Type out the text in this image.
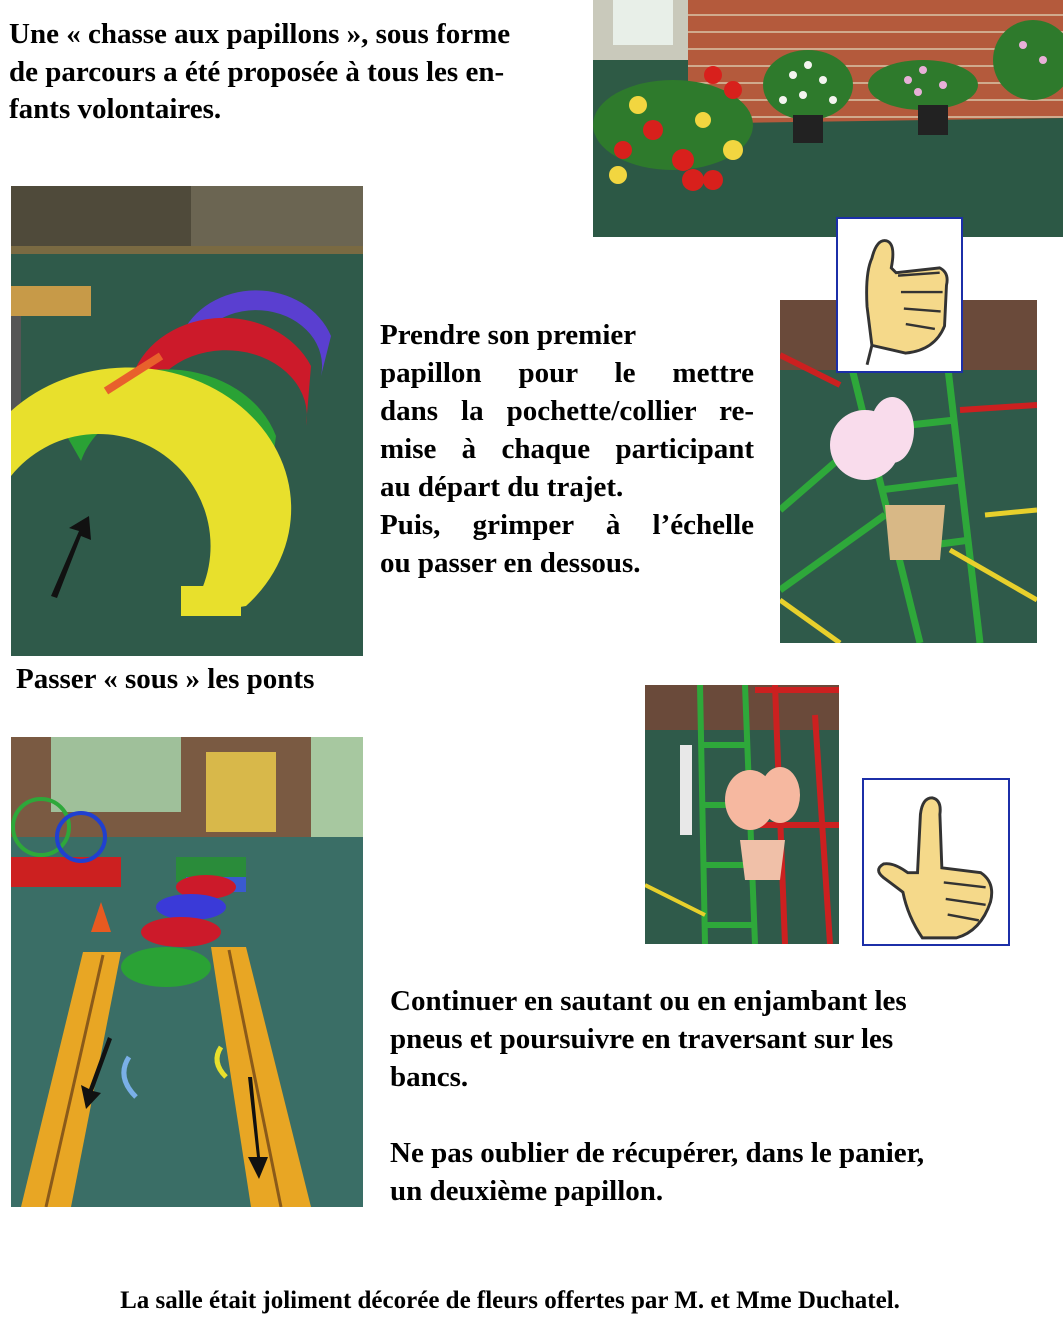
Une « chasse aux papillons », sous forme
de parcours a été proposée à tous les en-
fants volontaires.

Passer « sous » les ponts

Prendre son premier

papillon pour le mettre

dans la pochette/collier re-

mise à chaque participant

au départ du trajet.

Puis, grimper à l’échelle

ou passer en dessous.

Continuer en sautant ou en enjambant les

pneus et poursuivre en traversant sur les

bancs.

Ne pas oublier de récupérer, dans le panier,

un deuxième papillon.

La salle était joliment décorée de fleurs offertes par M. et Mme Duchatel.
